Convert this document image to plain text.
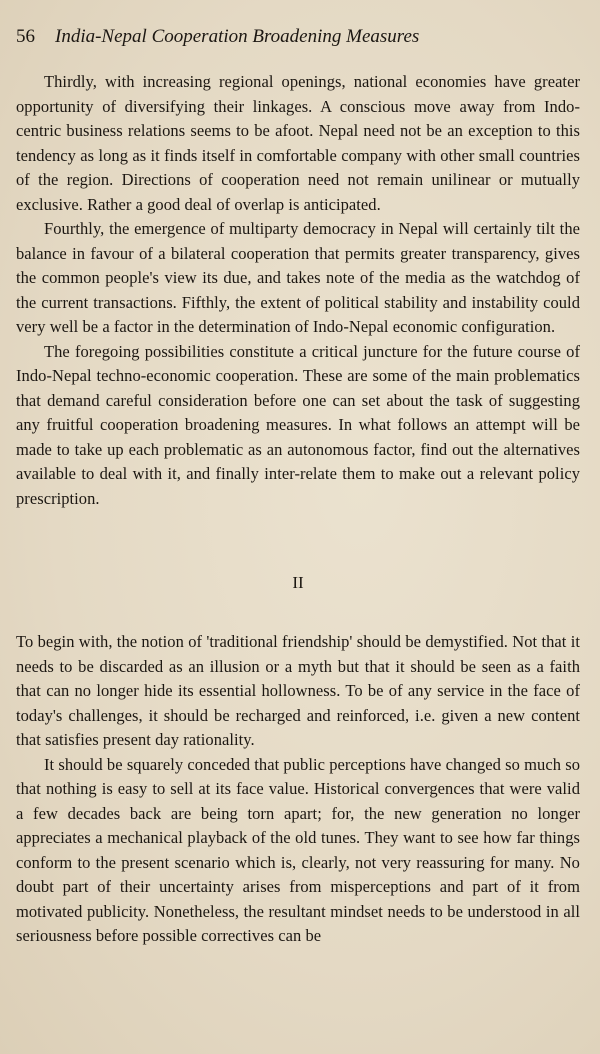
56 India-Nepal Cooperation Broadening Measures

Thirdly, with increasing regional openings, national economies have greater opportunity of diversifying their linkages. A conscious move away from Indo-centric business relations seems to be afoot. Nepal need not be an exception to this tendency as long as it finds itself in comfortable company with other small countries of the region. Directions of cooperation need not remain unilinear or mutually exclusive. Rather a good deal of overlap is anticipated.

Fourthly, the emergence of multiparty democracy in Nepal will certainly tilt the balance in favour of a bilateral cooperation that permits greater transparency, gives the common people's view its due, and takes note of the media as the watchdog of the current transactions. Fifthly, the extent of political stability and instability could very well be a factor in the determination of Indo-Nepal economic configuration.

The foregoing possibilities constitute a critical juncture for the future course of Indo-Nepal techno-economic cooperation. These are some of the main problematics that demand careful consideration before one can set about the task of suggesting any fruitful cooperation broadening measures. In what follows an attempt will be made to take up each problematic as an autonomous factor, find out the alternatives available to deal with it, and finally inter-relate them to make out a relevant policy prescription.

II

To begin with, the notion of 'traditional friendship' should be demystified. Not that it needs to be discarded as an illusion or a myth but that it should be seen as a faith that can no longer hide its essential hollowness. To be of any service in the face of today's challenges, it should be recharged and reinforced, i.e. given a new content that satisfies present day rationality.

It should be squarely conceded that public perceptions have changed so much so that nothing is easy to sell at its face value. Historical convergences that were valid a few decades back are being torn apart; for, the new generation no longer appreciates a mechanical playback of the old tunes. They want to see how far things conform to the present scenario which is, clearly, not very reassuring for many. No doubt part of their uncertainty arises from misperceptions and part of it from motivated publicity. Nonetheless, the resultant mindset needs to be understood in all seriousness before possible correctives can be
